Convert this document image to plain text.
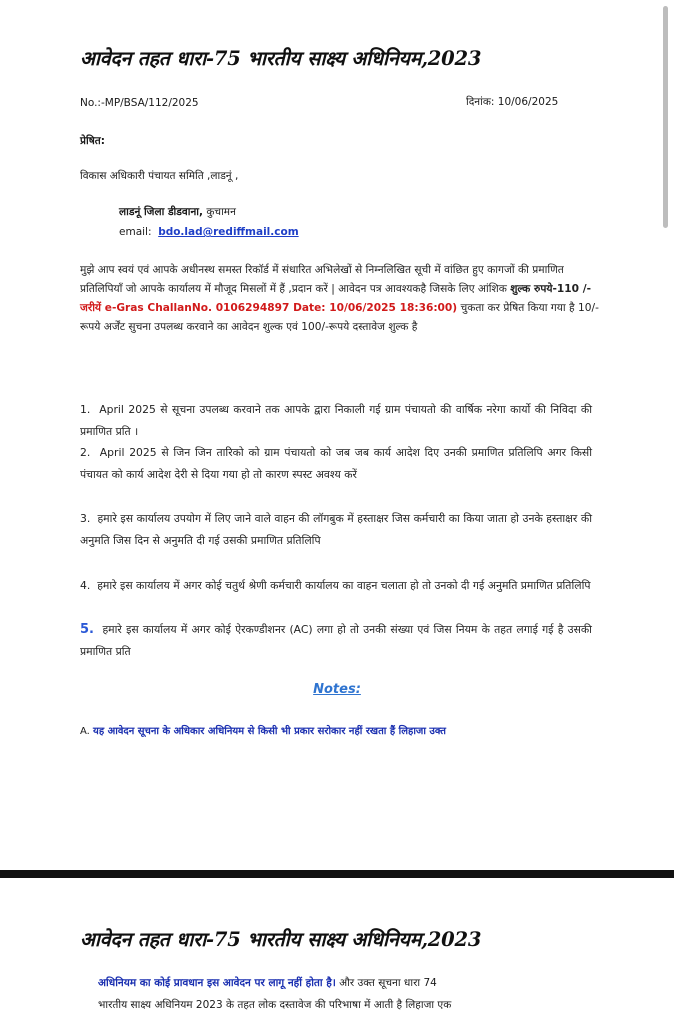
आवेदन तहत धारा-75 भारतीय साक्ष्य अधिनियम,2023
No.:-MP/BSA/112/2025	दिनांक: 10/06/2025
प्रेषित:
विकास अधिकारी पंचायत समिति ,लाडनूं ,
लाडनूं जिला डीडवाना, कुचामन
email: bdo.lad@rediffmail.com
मुझे आप स्वयं एवं आपके अधीनस्थ समस्त रिकॉर्ड में संधारित अभिलेखों से निम्नलिखित सूची में वांछित हुए कागजों की प्रमाणित प्रतिलिपियाँ जो आपके कार्यालय में मौजूद मिसलों में हैं ,प्रदान करें | आवेदन पत्र आवश्यकहै जिसके लिए आंशिक शुल्क रुपये-110 /- जरीयें e-Gras ChallanNo. 0106294897 Date: 10/06/2025 18:36:00) चुकता कर प्रेषित किया गया है 10/-रूपये अर्जेंट सुचना उपलब्ध करवाने का आवेदन शुल्क एवं 100/-रूपये दस्तावेज शुल्क है
1. April 2025 से सूचना उपलब्ध करवाने तक आपके द्वारा निकाली गई ग्राम पंचायतो की वार्षिक नरेगा कार्यो की निविदा की प्रमाणित प्रति ।
2. April 2025 से जिन जिन तारिको को ग्राम पंचायतो को जब जब कार्य आदेश दिए उनकी प्रमाणित प्रतिलिपि अगर किसी पंचायत को कार्य आदेश देरी से दिया गया हो तो कारण स्पस्ट अवश्य करें
3. हमारे इस कार्यालय उपयोग में लिए जाने वाले वाहन की लॉगबुक में हस्ताक्षर जिस कर्मचारी का किया जाता हो उनके हस्ताक्षर की अनुमति जिस दिन से अनुमति दी गई उसकी प्रमाणित प्रतिलिपि
4. हमारे इस कार्यालय में अगर कोई चतुर्थ श्रेणी कर्मचारी कार्यालय का वाहन चलाता हो तो उनको दी गई अनुमति प्रमाणित प्रतिलिपि
5. हमारे इस कार्यालय में अगर कोई ऐरकण्डीशनर (AC) लगा हो तो उनकी संख्या एवं जिस नियम के तहत लगाई गई है उसकी प्रमाणित प्रति
Notes:
A. यह आवेदन सूचना के अधिकार अधिनियम से किसी भी प्रकार सरोकार नहीं रखता हैं लिहाजा उक्त
आवेदन तहत धारा-75 भारतीय साक्ष्य अधिनियम,2023
अधिनियम का कोई प्रावधान इस आवेदन पर लागू नहीं होता है। और उक्त सूचना धारा 74
भारतीय साक्ष्य अधिनियम 2023 के तहत लोक दस्तावेज की परिभाषा में आती है लिहाजा एक
